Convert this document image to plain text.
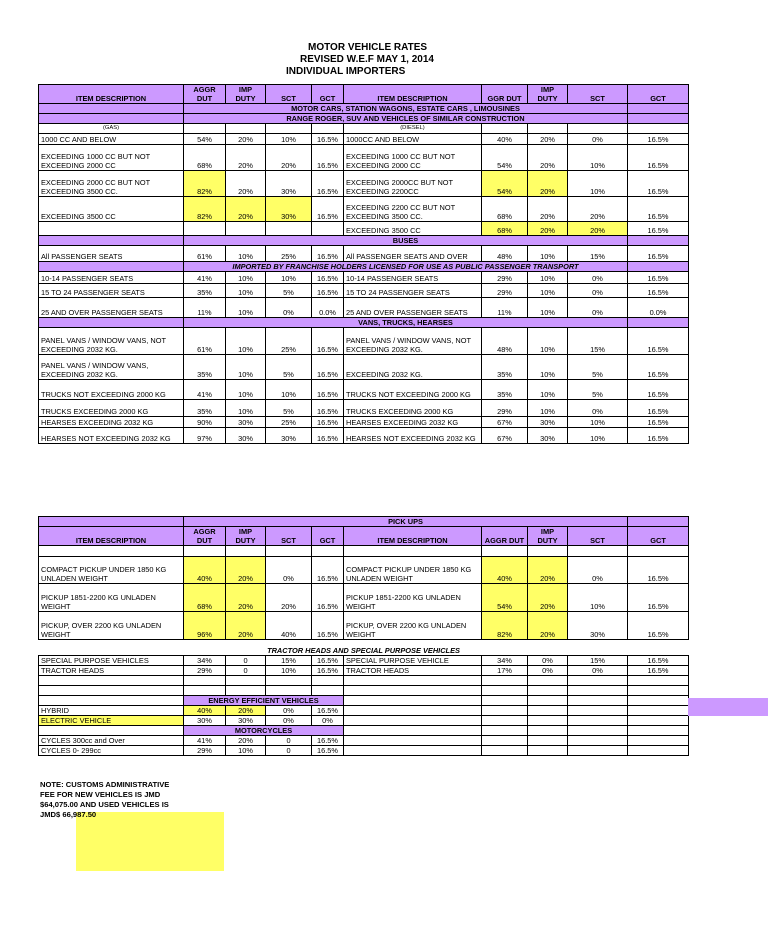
MOTOR VEHICLE RATES
REVISED W.E.F MAY 1, 2014
INDIVIDUAL IMPORTERS
ITEM DESCRIPTION	AGGR DUT	IMP DUTY	SCT	GCT	ITEM DESCRIPTION	GGR DUT	IMP DUTY	SCT	GCT
	MOTOR CARS, STATION WAGONS, ESTATE CARS , LIMOUSINES								
	RANGE ROGER, SUV AND VEHICLES OF SIMILAR CONSTRUCTION								
(GAS)					(DIESEL)				
1000 CC AND BELOW	54%	20%	10%	16.5%	1000CC AND BELOW	40%	20%	0%	16.5%
EXCEEDING 1000 CC BUT NOT EXCEEDING 2000 CC	68%	20%	20%	16.5%	EXCEEDING 1000 CC BUT NOT EXCEEDING 2000 CC	54%	20%	10%	16.5%
EXCEEDING 2000 CC BUT NOT EXCEEDING 3500 CC.	82%	20%	30%	16.5%	EXCEEDING 2000CC BUT NOT EXCEEDING 2200CC	54%	20%	10%	16.5%
EXCEEDING 3500 CC	82%	20%	30%	16.5%	EXCEEDING 2200 CC BUT NOT EXCEEDING 3500 CC.	68%	20%	20%	16.5%
					EXCEEDING 3500 CC	68%	20%	20%	16.5%
	BUSES								
All PASSENGER SEATS	61%	10%	25%	16.5%	All PASSENGER SEATS AND OVER	48%	10%	15%	16.5%
	IMPORTED BY FRANCHISE HOLDERS LICENSED FOR USE AS PUBLIC PASSENGER TRANSPORT								
10-14 PASSENGER SEATS	41%	10%	10%	16.5%	10-14 PASSENGER SEATS	29%	10%	0%	16.5%
15 TO 24 PASSENGER SEATS	35%	10%	5%	16.5%	15 TO 24 PASSENGER SEATS	29%	10%	0%	16.5%
25 AND OVER PASSENGER SEATS	11%	10%	0%	0.0%	25 AND OVER PASSENGER SEATS	11%	10%	0%	0.0%
	VANS, TRUCKS, HEARSES								
PANEL VANS / WINDOW VANS, NOT EXCEEDING 2032 KG.	61%	10%	25%	16.5%	PANEL VANS / WINDOW VANS, NOT EXCEEDING 2032 KG.	48%	10%	15%	16.5%
PANEL VANS / WINDOW VANS, EXCEEDING 2032 KG.	35%	10%	5%	16.5%	EXCEEDING 2032 KG.	35%	10%	5%	16.5%
TRUCKS NOT EXCEEDING 2000 KG	41%	10%	10%	16.5%	TRUCKS NOT EXCEEDING 2000 KG	35%	10%	5%	16.5%
TRUCKS EXCEEDING 2000 KG	35%	10%	5%	16.5%	TRUCKS EXCEEDING 2000 KG	29%	10%	0%	16.5%
HEARSES EXCEEDING 2032 KG	90%	30%	25%	16.5%	HEARSES EXCEEDING 2032 KG	67%	30%	10%	16.5%
HEARSES NOT EXCEEDING 2032 KG	97%	30%	30%	16.5%	HEARSES NOT EXCEEDING 2032 KG	67%	30%	10%	16.5%
	PICK UPS								
ITEM DESCRIPTION	AGGR DUT	IMP DUTY	SCT	GCT	ITEM DESCRIPTION	AGGR DUT	IMP DUTY	SCT	GCT

COMPACT PICKUP UNDER 1850 KG UNLADEN WEIGHT	40%	20%	0%	16.5%	COMPACT PICKUP UNDER 1850 KG UNLADEN WEIGHT	40%	20%	0%	16.5%
PICKUP 1851-2200 KG UNLADEN WEIGHT	68%	20%	20%	16.5%	PICKUP 1851-2200 KG UNLADEN WEIGHT	54%	20%	10%	16.5%
PICKUP, OVER 2200 KG UNLADEN WEIGHT	96%	20%	40%	16.5%	PICKUP, OVER 2200 KG UNLADEN WEIGHT	82%	20%	30%	16.5%
TRACTOR HEADS AND SPECIAL PURPOSE VEHICLES									
SPECIAL PURPOSE VEHICLES	34%	0	15%	16.5%	SPECIAL PURPOSE VEHICLE	34%	0%	15%	16.5%
TRACTOR HEADS	29%	0	10%	16.5%	TRACTOR HEADS	17%	0%	0%	16.5%

	ENERGY EFFICIENT VEHICLES								
HYBRID	40%	20%	0%	16.5%					
ELECTRIC VEHICLE	30%	30%	0%	0%					
	MOTORCYCLES								
CYCLES 300cc and Over	41%	20%	0	16.5%					
CYCLES 0- 299cc	29%	10%	0	16.5%					
NOTE: CUSTOMS ADMINISTRATIVE
FEE FOR NEW VEHICLES IS JMD
$64,075.00 AND USED VEHICLES IS
JMD$ 66,987.50
